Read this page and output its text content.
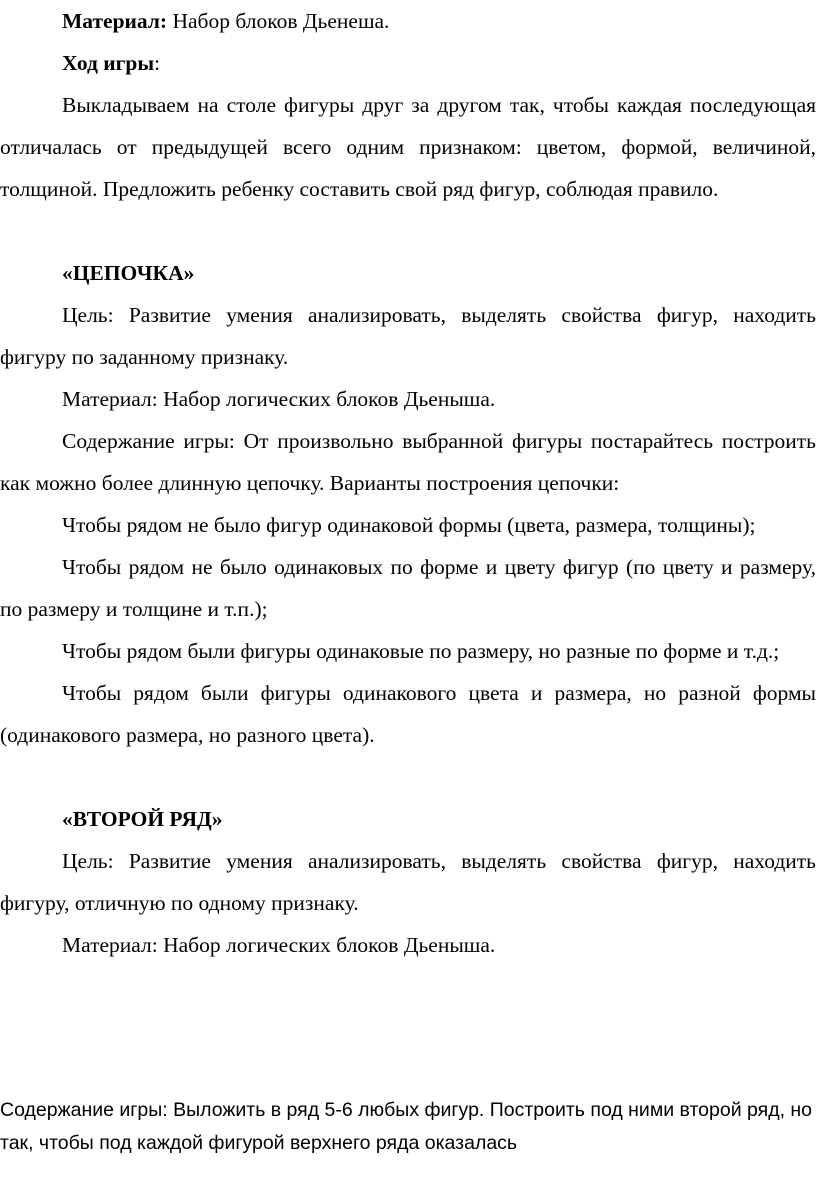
Материал: Набор блоков Дьенеша.

Ход игры:

Выкладываем на столе фигуры друг за другом так, чтобы каждая последующая отличалась от предыдущей всего одним признаком: цветом, формой, величиной, толщиной. Предложить ребенку составить свой ряд фигур, соблюдая правило.

«ЦЕПОЧКА»

Цель: Развитие умения анализировать, выделять свойства фигур, находить фигуру по заданному признаку.

Материал: Набор логических блоков Дьеныша.

Содержание игры: От произвольно выбранной фигуры постарайтесь построить как можно более длинную цепочку. Варианты построения цепочки:

Чтобы рядом не было фигур одинаковой формы (цвета, размера, толщины);

Чтобы рядом не было одинаковых по форме и цвету фигур (по цвету и размеру, по размеру и толщине и т.п.);

Чтобы рядом были фигуры одинаковые по размеру, но разные по форме и т.д.;

Чтобы рядом были фигуры одинакового цвета и размера, но разной формы (одинакового размера, но разного цвета).

«ВТОРОЙ РЯД»

Цель: Развитие умения анализировать, выделять свойства фигур, находить фигуру, отличную по одному признаку.

Материал: Набор логических блоков Дьеныша.

Содержание игры: Выложить в ряд 5-6 любых фигур. Построить под ними второй ряд, но так, чтобы под каждой фигурой верхнего ряда оказалась
